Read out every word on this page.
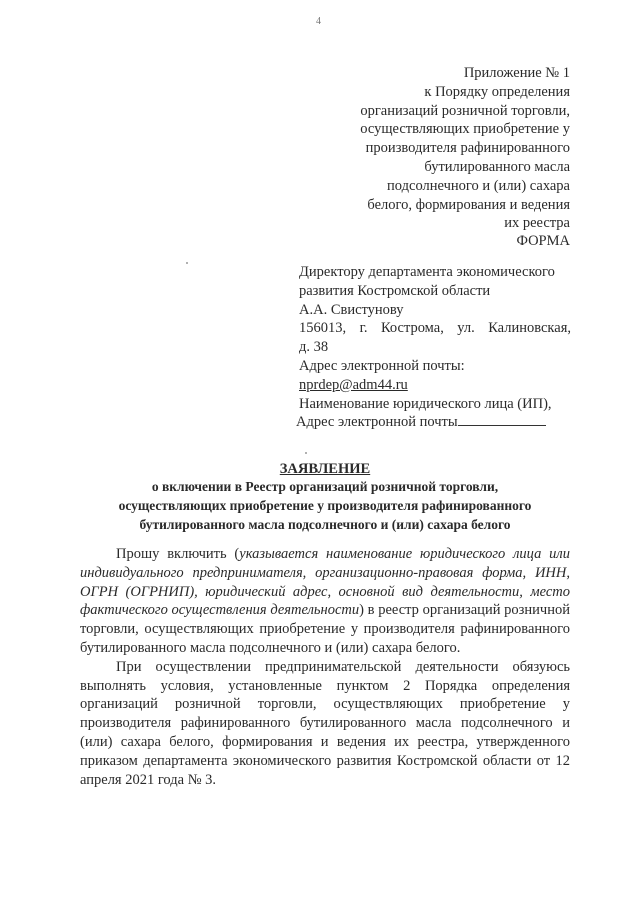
4
Приложение № 1
к Порядку определения
организаций розничной торговли,
осуществляющих приобретение у
производителя рафинированного
бутилированного масла
подсолнечного и (или) сахара
белого, формирования и ведения
их реестра
ФОРМА
Директору департамента экономического
развития Костромской области
А.А. Свистунову
156013, г. Кострома, ул. Калиновская,
д. 38
Адрес электронной почты:
nprdep@adm44.ru
Наименование юридического лица (ИП),
Адрес электронной почты
ЗАЯВЛЕНИЕ
о включении в Реестр организаций розничной торговли,
осуществляющих приобретение у производителя рафинированного
бутилированного масла подсолнечного и (или) сахара белого

Прошу включить (указывается наименование юридического лица или индивидуального предпринимателя, организационно-правовая форма, ИНН, ОГРН (ОГРНИП), юридический адрес, основной вид деятельности, место фактического осуществления деятельности) в реестр организаций розничной торговли, осуществляющих приобретение у производителя рафинированного бутилированного масла подсолнечного и (или) сахара белого.

При осуществлении предпринимательской деятельности обязуюсь выполнять условия, установленные пунктом 2 Порядка определения организаций розничной торговли, осуществляющих приобретение у производителя рафинированного бутилированного масла подсолнечного и (или) сахара белого, формирования и ведения их реестра, утвержденного приказом департамента экономического развития Костромской области от 12 апреля 2021 года № 3.
